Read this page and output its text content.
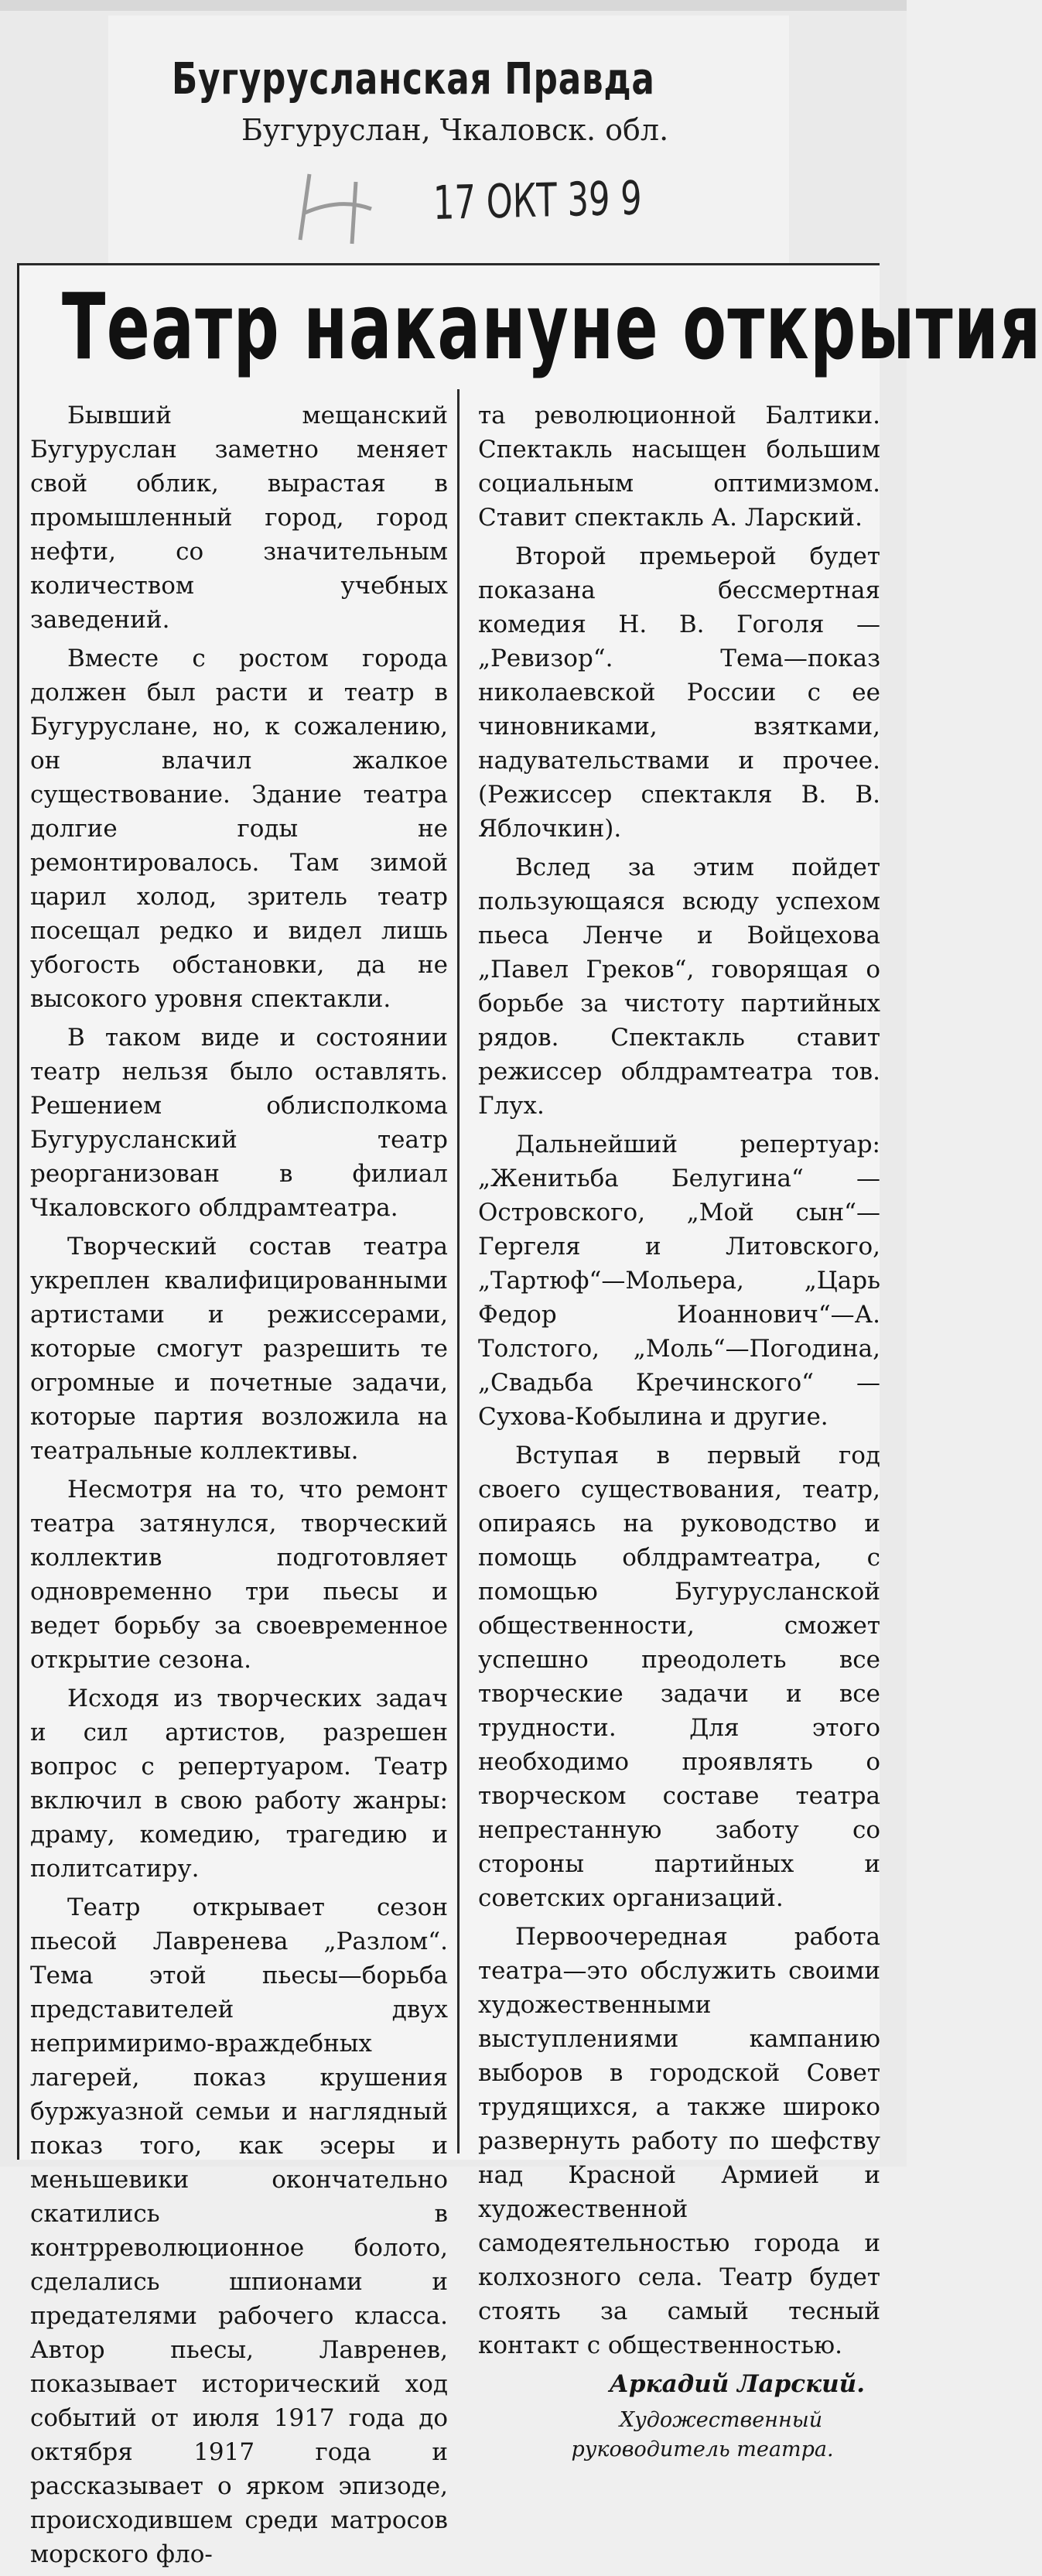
Бугурусланская Правда
Бугуруслан, Чкаловск. обл.
17 ОКТ 39 9
Театр накануне открытия

Бывший мещанский Бугуруслан заметно меняет свой облик, вырастая в промышленный город, город нефти, со значительным количеством учебных заведений.

Вместе с ростом города должен был расти и театр в Бугуруслане, но, к сожалению, он влачил жалкое существование. Здание театра долгие годы не ремонтировалось. Там зимой царил холод, зритель театр посещал редко и видел лишь убогость обстановки, да не высокого уровня спектакли.

В таком виде и состоянии театр нельзя было оставлять. Решением облисполкома Бугурусланский театр реорганизован в филиал Чкаловского облдрамтеатра.

Творческий состав театра укреплен квалифицированными артистами и режиссерами, которые смогут разрешить те огромные и почетные задачи, которые партия возложила на театральные коллективы.

Несмотря на то, что ремонт театра затянулся, творческий коллектив подготовляет одновременно три пьесы и ведет борьбу за своевременное открытие сезона.

Исходя из творческих задач и сил артистов, разрешен вопрос с репертуаром. Театр включил в свою работу жанры: драму, комедию, трагедию и политсатиру.

Театр открывает сезон пьесой Лавренева „Разлом“. Тема этой пьесы—борьба представителей двух непримиримо-враждебных лагерей, показ крушения буржуазной семьи и наглядный показ того, как эсеры и меньшевики окончательно скатились в контрреволюционное болото, сделались шпионами и предателями рабочего класса. Автор пьесы, Лавренев, показывает исторический ход событий от июля 1917 года до октября 1917 года и рассказывает о ярком эпизоде, происходившем среди матросов морского фло-

та революционной Балтики. Спектакль насыщен большим социальным оптимизмом. Ставит спектакль А. Ларский.

Второй премьерой будет показана бессмертная комедия Н. В. Гоголя —„Ревизор“. Тема—показ николаевской России с ее чиновниками, взятками, надувательствами и прочее. (Режиссер спектакля В. В. Яблочкин).

Вслед за этим пойдет пользующаяся всюду успехом пьеса Ленче и Войцехова „Павел Греков“, говорящая о борьбе за чистоту партийных рядов. Спектакль ставит режиссер облдрамтеатра тов. Глух.

Дальнейший репертуар: „Женитьба Белугина“ — Островского, „Мой сын“—Гергеля и Литовского, „Тартюф“—Мольера, „Царь Федор Иоаннович“—А. Толстого, „Моль“—Погодина, „Свадьба Кречинского“ —Сухова-Кобылина и другие.

Вступая в первый год своего существования, театр, опираясь на руководство и помощь облдрамтеатра, с помощью Бугурусланской общественности, сможет успешно преодолеть все творческие задачи и все трудности. Для этого необходимо проявлять о творческом составе театра непрестанную заботу со стороны партийных и советских организаций.

Первоочередная работа театра—это обслужить своими художественными выступлениями кампанию выборов в городской Совет трудящихся, а также широко развернуть работу по шефству над Красной Армией и художественной самодеятельностью города и колхозного села. Театр будет стоять за самый тесный контакт с общественностью.

Аркадий Ларский.

Художественный руководитель театра.
